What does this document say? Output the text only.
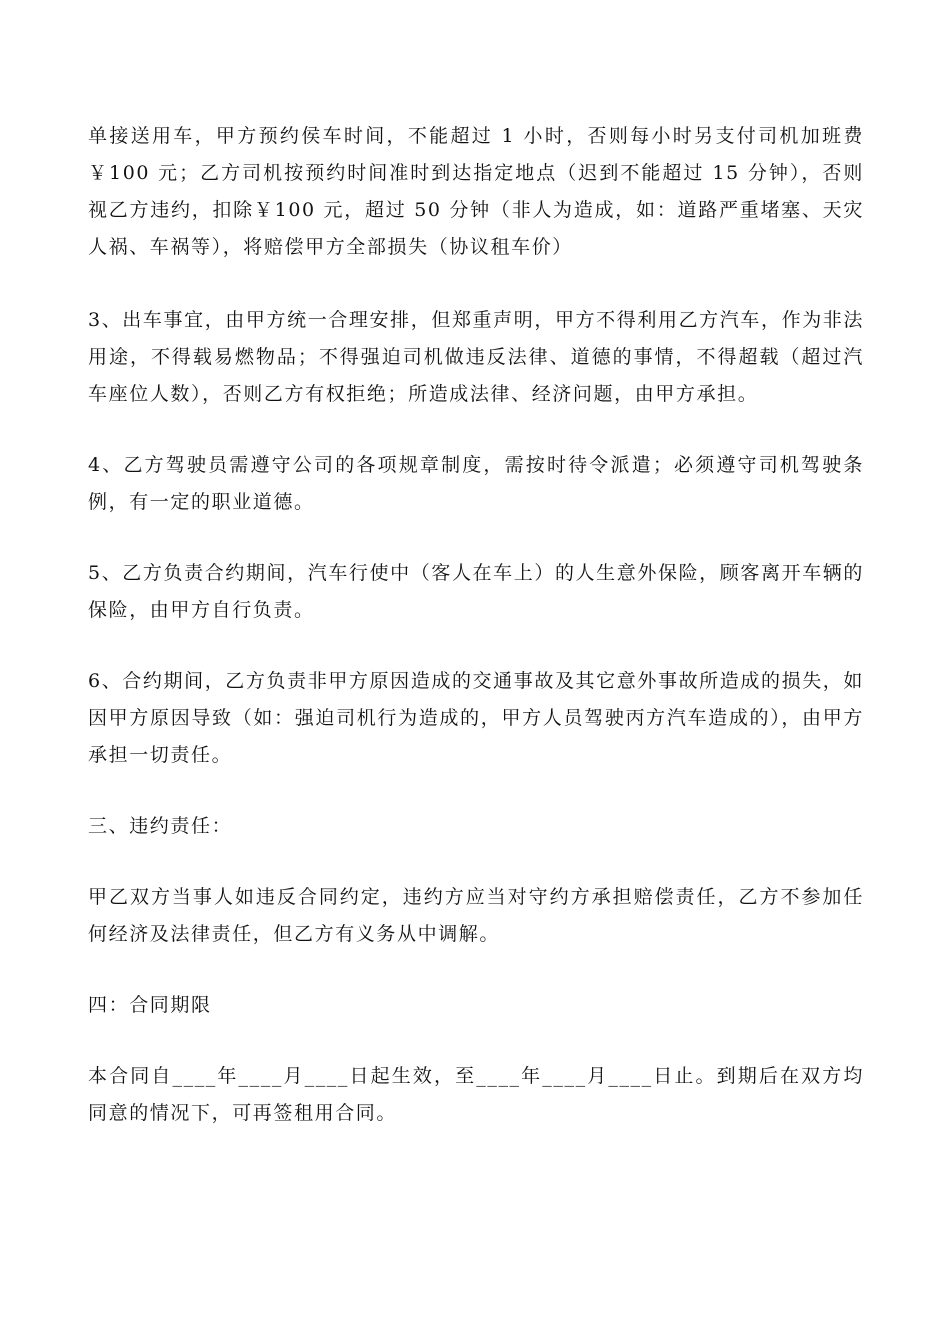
单接送用车，甲方预约侯车时间，不能超过 1 小时，否则每小时另支付司机加班费￥100 元；乙方司机按预约时间准时到达指定地点（迟到不能超过 15 分钟），否则视乙方违约，扣除￥100 元，超过 50 分钟（非人为造成，如：道路严重堵塞、天灾人祸、车祸等），将赔偿甲方全部损失（协议租车价）

3、出车事宜，由甲方统一合理安排，但郑重声明，甲方不得利用乙方汽车，作为非法用途，不得载易燃物品；不得强迫司机做违反法律、道德的事情，不得超载（超过汽车座位人数），否则乙方有权拒绝；所造成法律、经济问题，由甲方承担。

4、乙方驾驶员需遵守公司的各项规章制度，需按时待令派遣；必须遵守司机驾驶条例，有一定的职业道德。

5、乙方负责合约期间，汽车行使中（客人在车上）的人生意外保险，顾客离开车辆的保险，由甲方自行负责。

6、合约期间，乙方负责非甲方原因造成的交通事故及其它意外事故所造成的损失，如因甲方原因导致（如：强迫司机行为造成的，甲方人员驾驶丙方汽车造成的），由甲方承担一切责任。

三、违约责任：

甲乙双方当事人如违反合同约定，违约方应当对守约方承担赔偿责任，乙方不参加任何经济及法律责任，但乙方有义务从中调解。

四：合同期限

本合同自____年____月____日起生效，至____年____月____日止。到期后在双方均同意的情况下，可再签租用合同。
